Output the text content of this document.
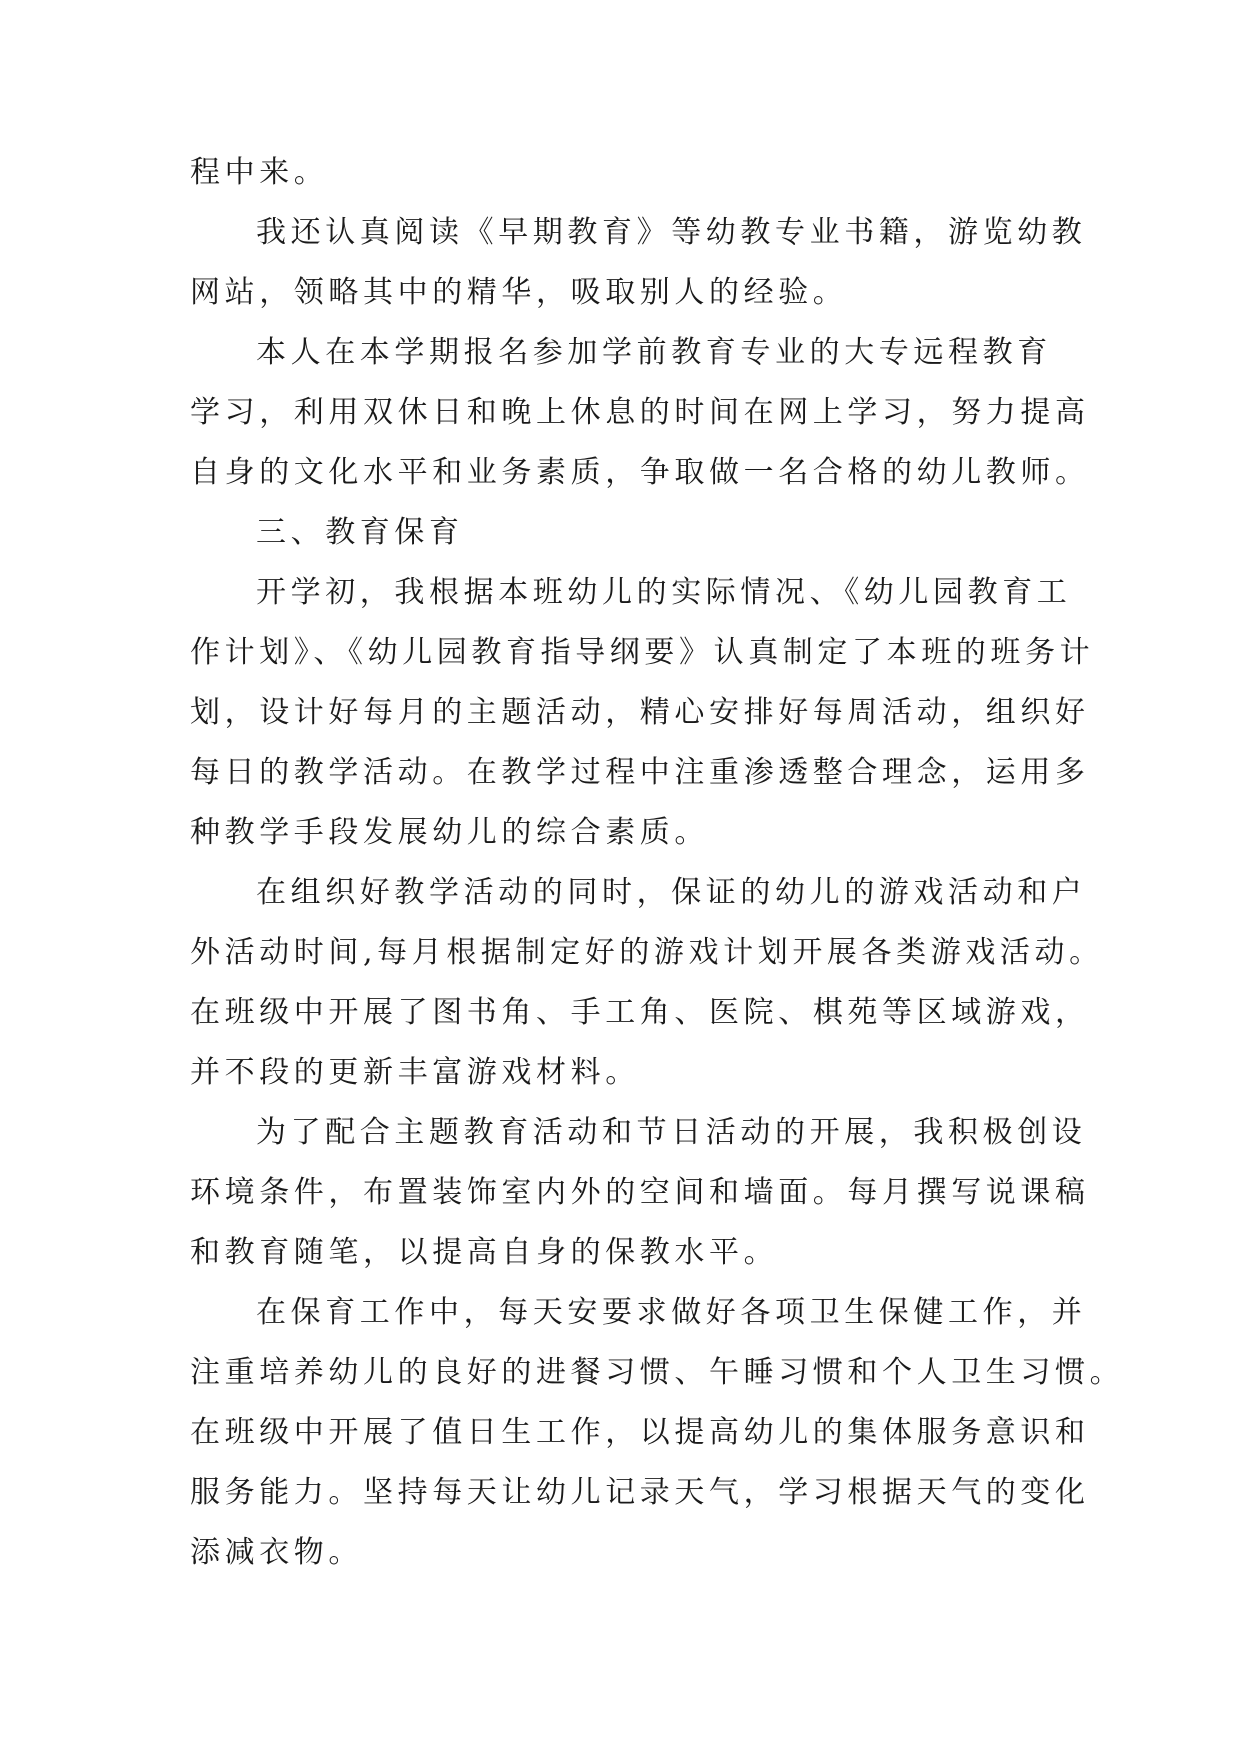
程中来。
我还认真阅读《早期教育》等幼教专业书籍，游览幼教
网站，领略其中的精华，吸取别人的经验。
本人在本学期报名参加学前教育专业的大专远程教育
学习，利用双休日和晚上休息的时间在网上学习，努力提高
自身的文化水平和业务素质，争取做一名合格的幼儿教师。
三、教育保育
开学初，我根据本班幼儿的实际情况、《幼儿园教育工
作计划》、《幼儿园教育指导纲要》认真制定了本班的班务计
划，设计好每月的主题活动，精心安排好每周活动，组织好
每日的教学活动。在教学过程中注重渗透整合理念，运用多
种教学手段发展幼儿的综合素质。
在组织好教学活动的同时，保证的幼儿的游戏活动和户
外活动时间,每月根据制定好的游戏计划开展各类游戏活动。
在班级中开展了图书角、手工角、医院、棋苑等区域游戏，
并不段的更新丰富游戏材料。
为了配合主题教育活动和节日活动的开展，我积极创设
环境条件，布置装饰室内外的空间和墙面。每月撰写说课稿
和教育随笔，以提高自身的保教水平。
在保育工作中，每天安要求做好各项卫生保健工作，并
注重培养幼儿的良好的进餐习惯、午睡习惯和个人卫生习惯。
在班级中开展了值日生工作，以提高幼儿的集体服务意识和
服务能力。坚持每天让幼儿记录天气，学习根据天气的变化
添减衣物。
